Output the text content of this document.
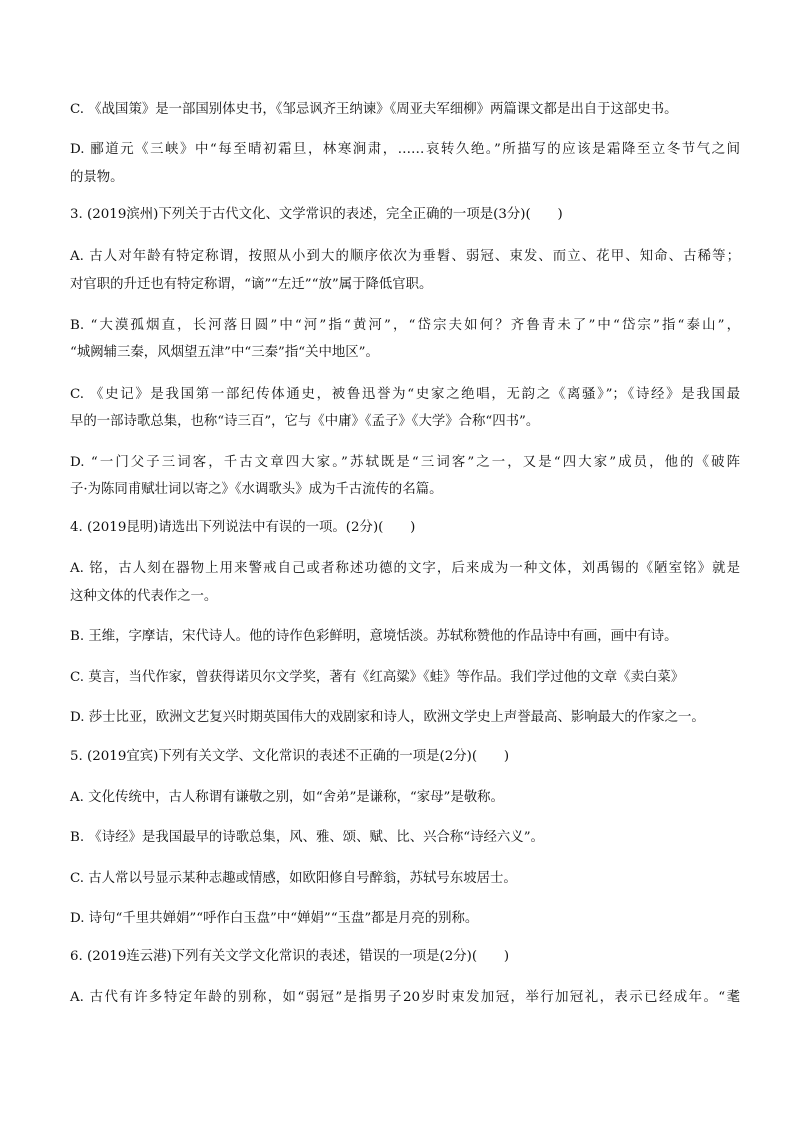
C. 《战国策》是一部国别体史书，《邹忌讽齐王纳谏》《周亚夫军细柳》两篇课文都是出自于这部史书。
D. 郦道元《三峡》中“每至晴初霜旦，林寒涧肃，……哀转久绝。”所描写的应该是霜降至立冬节气之间
的景物。
3. (2019滨州)下列关于古代文化、文学常识的表述，完全正确的一项是(3分)(　　)
A. 古人对年龄有特定称谓，按照从小到大的顺序依次为垂髫、弱冠、束发、而立、花甲、知命、古稀等；
对官职的升迁也有特定称谓，“谪”“左迁”“放”属于降低官职。
B. “大漠孤烟直，长河落日圆”中“河”指“黄河”，“岱宗夫如何？齐鲁青未了”中“岱宗”指“泰山”，
“城阙辅三秦，风烟望五津”中“三秦”指“关中地区”。
C. 《史记》是我国第一部纪传体通史，被鲁迅誉为“史家之绝唱，无韵之《离骚》”；《诗经》是我国最
早的一部诗歌总集，也称“诗三百”，它与《中庸》《孟子》《大学》合称“四书”。
D. “一门父子三词客，千古文章四大家。”苏轼既是“三词客”之一，又是“四大家”成员，他的《破阵
子·为陈同甫赋壮词以寄之》《水调歌头》成为千古流传的名篇。
4. (2019昆明)请选出下列说法中有误的一项。(2分)(　　)
A. 铭，古人刻在器物上用来警戒自己或者称述功德的文字，后来成为一种文体，刘禹锡的《陋室铭》就是
这种文体的代表作之一。
B. 王维，字摩诘，宋代诗人。他的诗作色彩鲜明，意境恬淡。苏轼称赞他的作品诗中有画，画中有诗。
C. 莫言，当代作家，曾获得诺贝尔文学奖，著有《红高粱》《蛙》等作品。我们学过他的文章《卖白菜》
D. 莎士比亚，欧洲文艺复兴时期英国伟大的戏剧家和诗人，欧洲文学史上声誉最高、影响最大的作家之一。
5. (2019宜宾)下列有关文学、文化常识的表述不正确的一项是(2分)(　　)
A. 文化传统中，古人称谓有谦敬之别，如“舍弟”是谦称，“家母”是敬称。
B. 《诗经》是我国最早的诗歌总集，风、雅、颂、赋、比、兴合称“诗经六义”。
C. 古人常以号显示某种志趣或情感，如欧阳修自号醉翁，苏轼号东坡居士。
D. 诗句“千里共婵娟”“呼作白玉盘”中“婵娟”“玉盘”都是月亮的别称。
6. (2019连云港)下列有关文学文化常识的表述，错误的一项是(2分)(　　)
A. 古代有许多特定年龄的别称，如“弱冠”是指男子20岁时束发加冠，举行加冠礼，表示已经成年。“耄
